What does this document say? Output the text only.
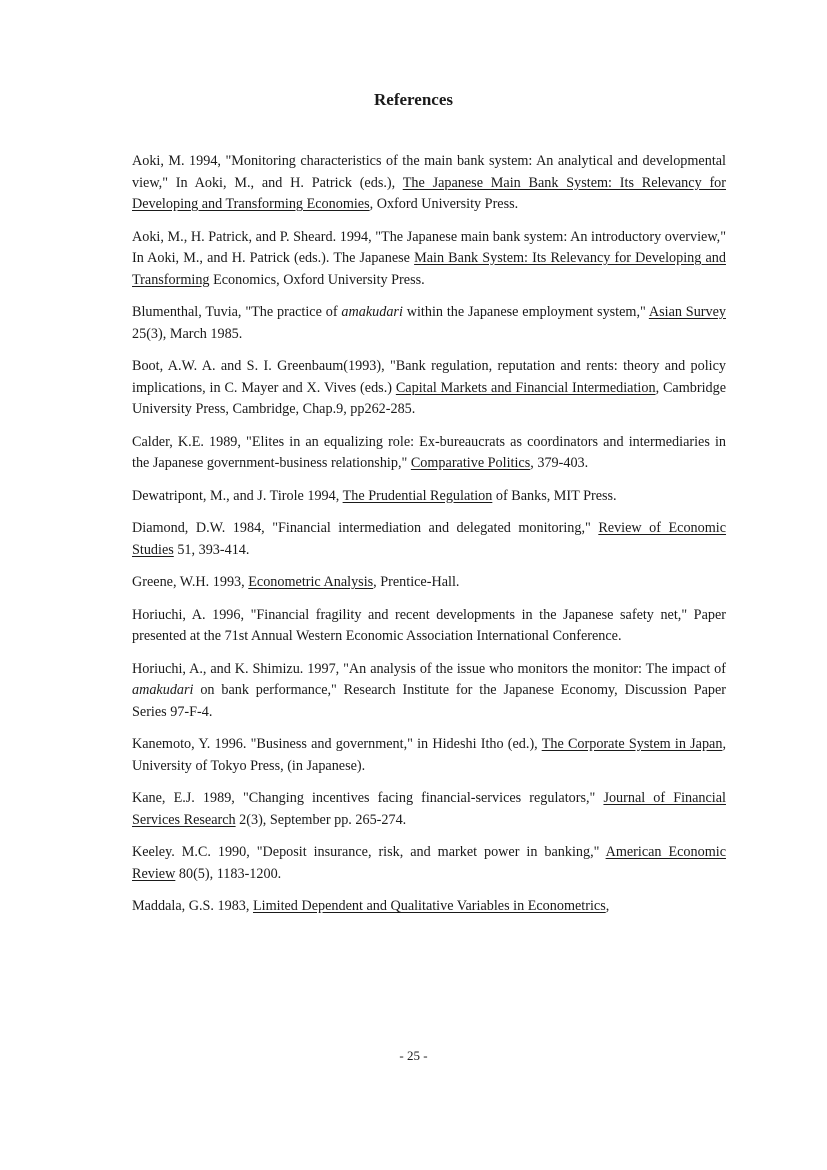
References
Aoki, M. 1994, "Monitoring characteristics of the main bank system: An analytical and developmental view," In Aoki, M., and H. Patrick (eds.), The Japanese Main Bank System: Its Relevancy for Developing and Transforming Economies, Oxford University Press.
Aoki, M., H. Patrick, and P. Sheard. 1994, "The Japanese main bank system: An introductory overview," In Aoki, M., and H. Patrick (eds.). The Japanese Main Bank System: Its Relevancy for Developing and Transforming Economics, Oxford University Press.
Blumenthal, Tuvia, "The practice of amakudari within the Japanese employment system," Asian Survey 25(3), March 1985.
Boot, A.W. A. and S. I. Greenbaum(1993), "Bank regulation, reputation and rents: theory and policy implications, in C. Mayer and X. Vives (eds.) Capital Markets and Financial Intermediation, Cambridge University Press, Cambridge, Chap.9, pp262-285.
Calder, K.E. 1989, "Elites in an equalizing role: Ex-bureaucrats as coordinators and intermediaries in the Japanese government-business relationship," Comparative Politics, 379-403.
Dewatripont, M., and J. Tirole 1994, The Prudential Regulation of Banks, MIT Press.
Diamond, D.W. 1984, "Financial intermediation and delegated monitoring," Review of Economic Studies 51, 393-414.
Greene, W.H. 1993, Econometric Analysis, Prentice-Hall.
Horiuchi, A. 1996, "Financial fragility and recent developments in the Japanese safety net," Paper presented at the 71st Annual Western Economic Association International Conference.
Horiuchi, A., and K. Shimizu. 1997, "An analysis of the issue who monitors the monitor: The impact of amakudari on bank performance," Research Institute for the Japanese Economy, Discussion Paper Series 97-F-4.
Kanemoto, Y. 1996. "Business and government," in Hideshi Itho (ed.), The Corporate System in Japan, University of Tokyo Press, (in Japanese).
Kane, E.J. 1989, "Changing incentives facing financial-services regulators," Journal of Financial Services Research 2(3), September pp. 265-274.
Keeley. M.C. 1990, "Deposit insurance, risk, and market power in banking," American Economic Review 80(5), 1183-1200.
Maddala, G.S. 1983, Limited Dependent and Qualitative Variables in Econometrics,
- 25 -
